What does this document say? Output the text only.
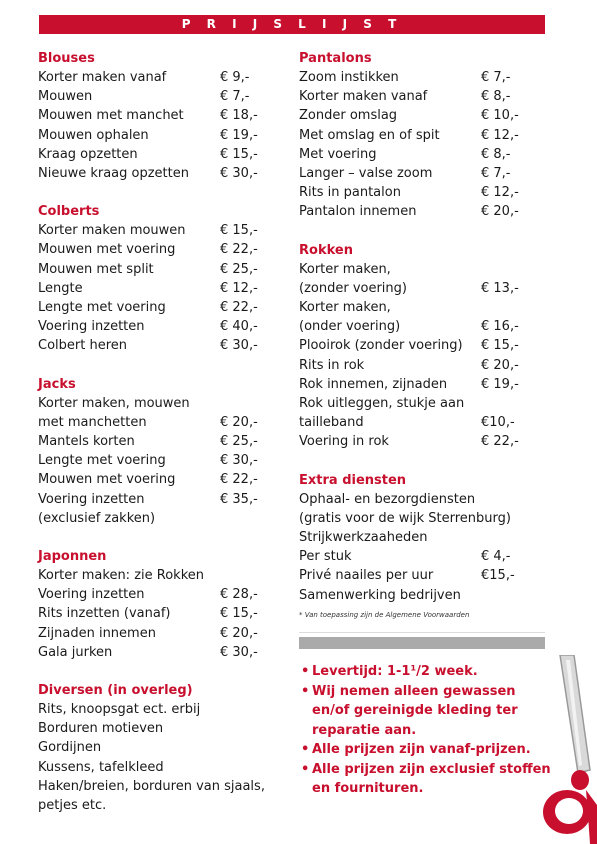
P R I J S L I J S T
Blouses
Korter maken vanaf	€ 9,-
Mouwen	€ 7,-
Mouwen met manchet	€ 18,-
Mouwen ophalen	€ 19,-
Kraag opzetten	€ 15,-
Nieuwe kraag opzetten	€ 30,-
Colberts
Korter maken mouwen	€ 15,-
Mouwen met voering	€ 22,-
Mouwen met split	€ 25,-
Lengte	€ 12,-
Lengte met voering	€ 22,-
Voering inzetten	€ 40,-
Colbert heren	€ 30,-
Jacks
Korter maken, mouwen
met manchetten	€ 20,-
Mantels korten	€ 25,-
Lengte met voering	€ 30,-
Mouwen met voering	€ 22,-
Voering inzetten	€ 35,-
(exclusief zakken)
Japonnen
Korter maken: zie Rokken
Voering inzetten	€ 28,-
Rits inzetten (vanaf)	€ 15,-
Zijnaden innemen	€ 20,-
Gala jurken	€ 30,-
Diversen (in overleg)
Rits, knoopsgat ect. erbij
Borduren motieven
Gordijnen
Kussens, tafelkleed
Haken/breien, borduren van sjaals,
petjes etc.
Pantalons
Zoom instikken	€ 7,-
Korter maken vanaf	€ 8,-
Zonder omslag	€ 10,-
Met omslag en of spit	€ 12,-
Met voering	€ 8,-
Langer – valse zoom	€ 7,-
Rits in pantalon	€ 12,-
Pantalon innemen	€ 20,-
Rokken
Korter maken,
(zonder voering)	€ 13,-
Korter maken,
(onder voering)	€ 16,-
Plooirok (zonder voering)	€ 15,-
Rits in rok	€ 20,-
Rok innemen, zijnaden	€ 19,-
Rok uitleggen, stukje aan
tailleband	€10,-
Voering in rok	€ 22,-
Extra diensten
Ophaal- en bezorgdiensten
(gratis voor de wijk Sterrenburg)
Strijkwerkzaaheden
Per stuk	€ 4,-
Privé naailes per uur	€15,-
Samenwerking bedrijven
* Van toepassing zijn de Algemene Voorwaarden
• Levertijd: 1-1¹/2 week.
• Wij nemen alleen gewassen en/of gereinigde kleding ter reparatie aan.
• Alle prijzen zijn vanaf-prijzen.
• Alle prijzen zijn exclusief stoffen en fournituren.
